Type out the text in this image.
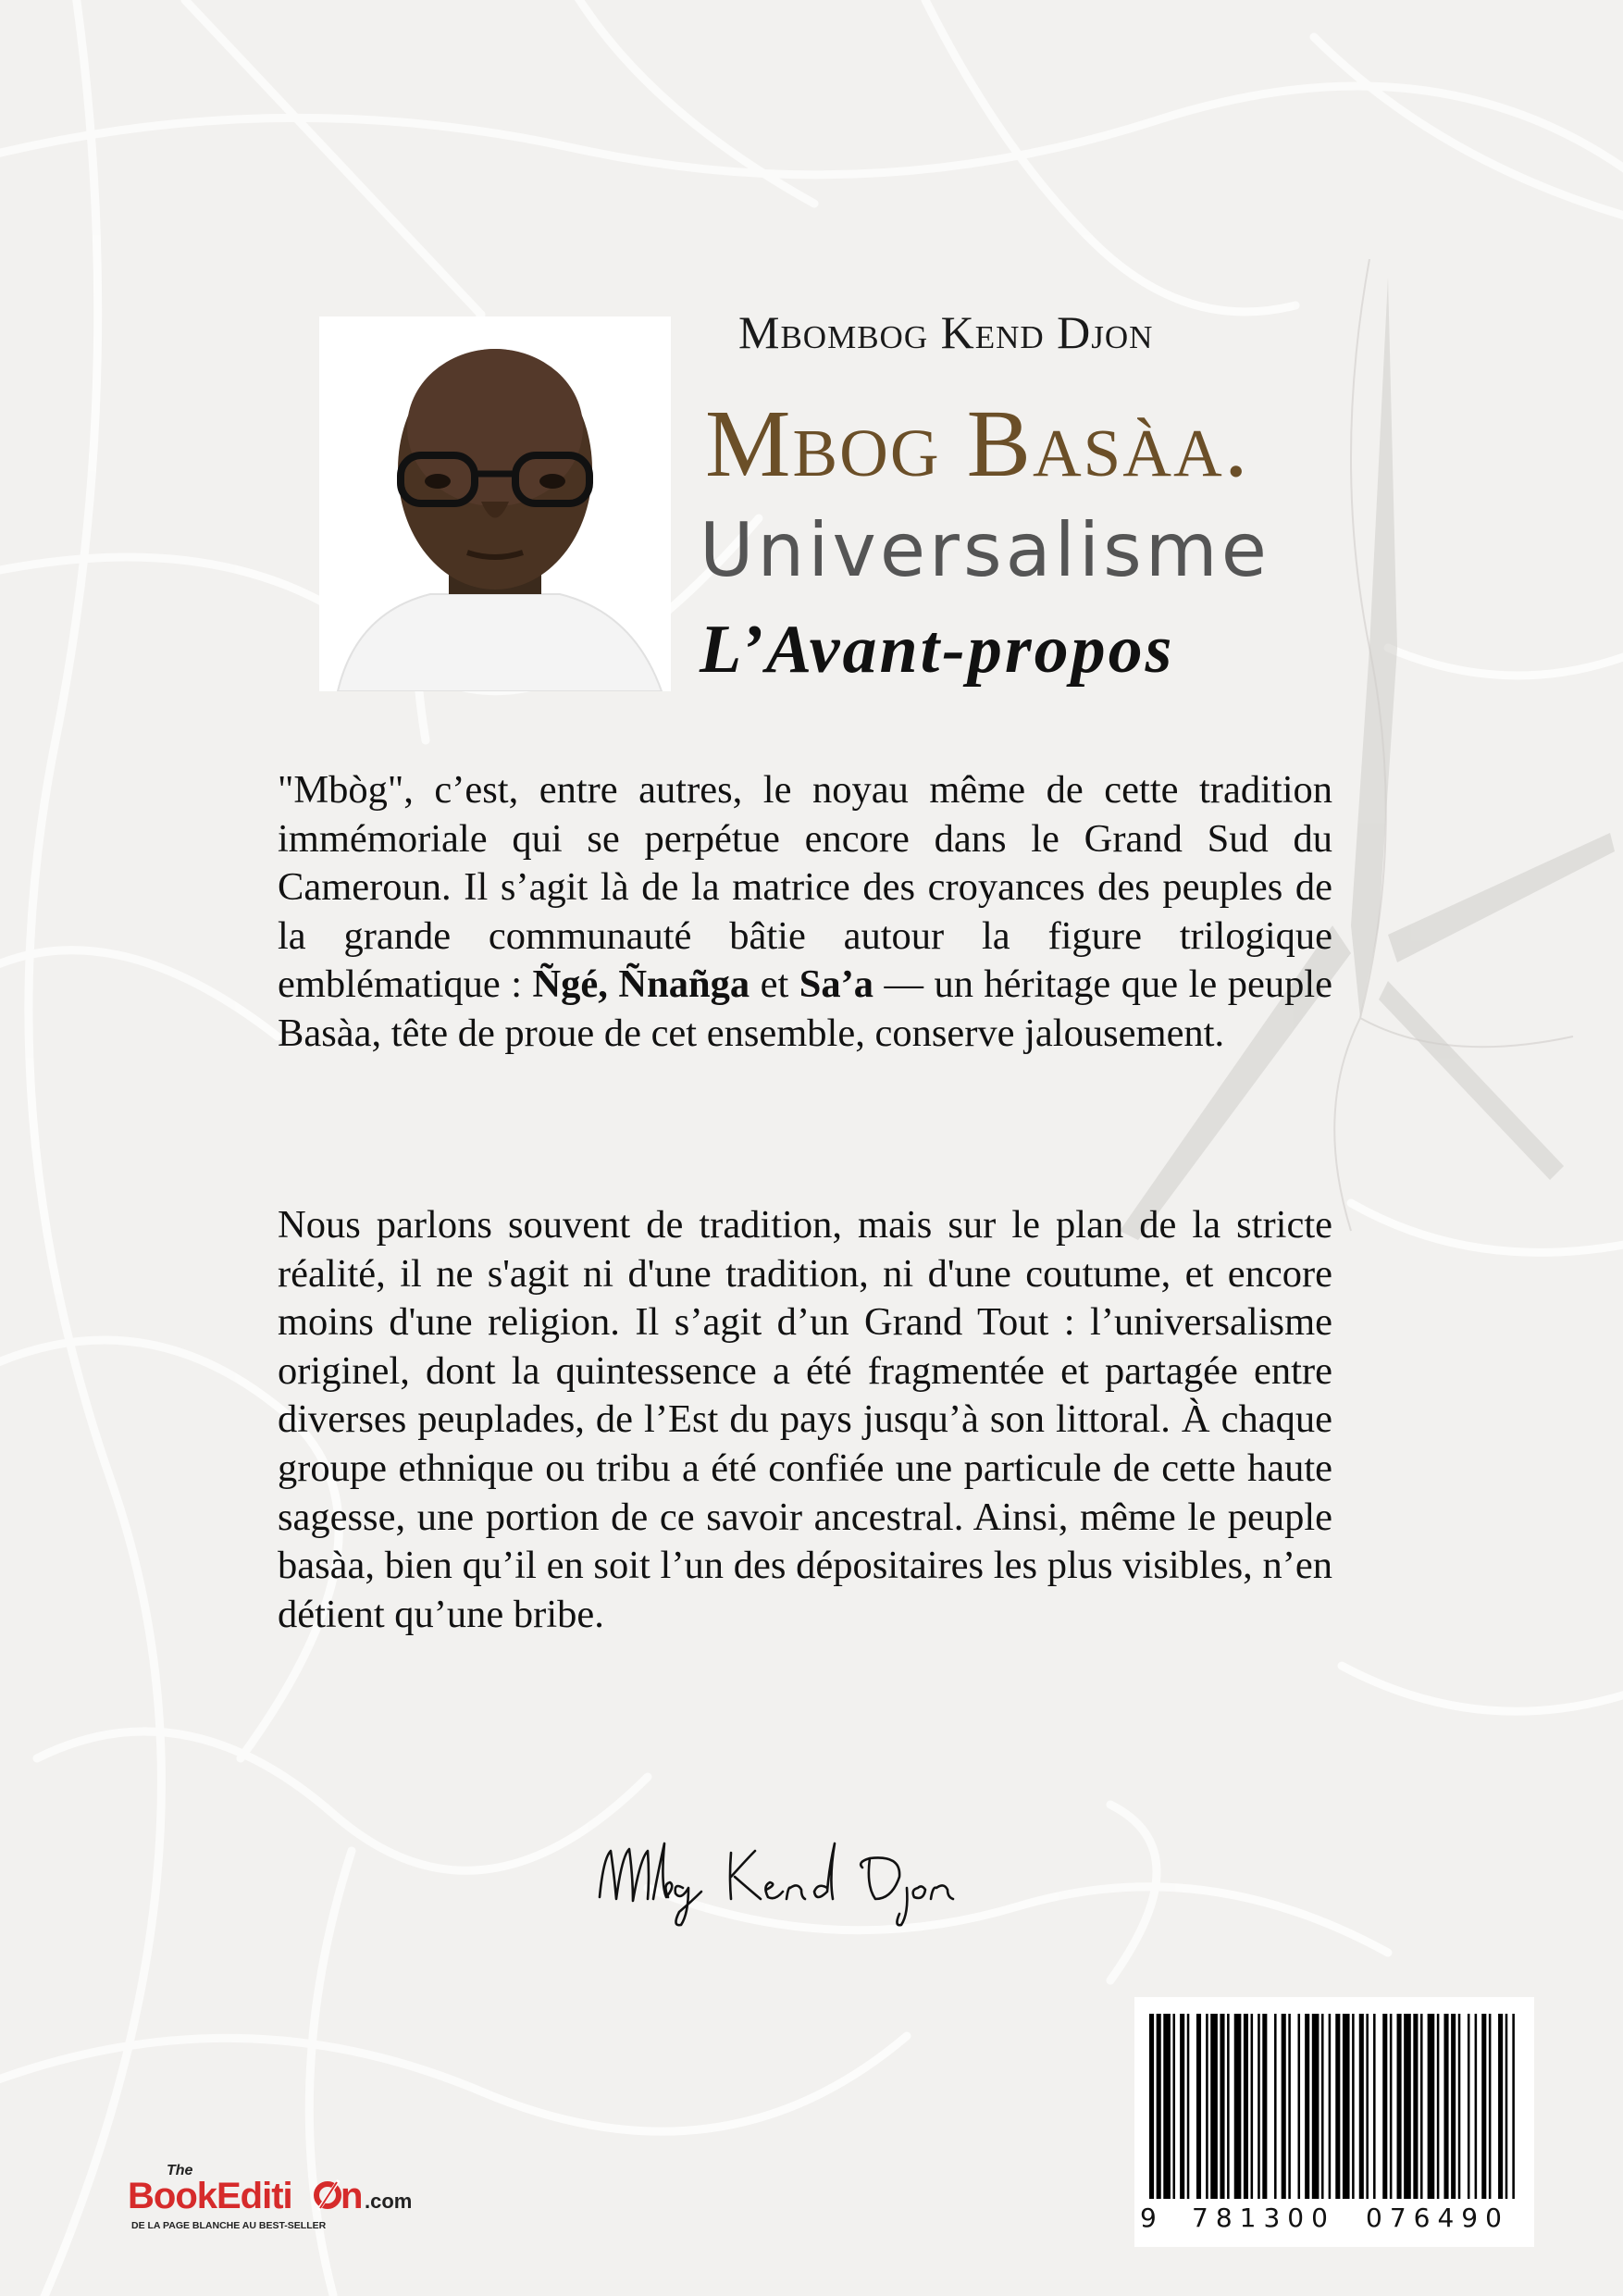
Mbombog Kend Djon
Mbog Basàa.
Universalisme
L’Avant-propos
"Mbòg", c’est, entre autres, le noyau même de cette tradition immémoriale qui se perpétue encore dans le Grand Sud du Cameroun. Il s’agit là de la matrice des croyances des peuples de la grande communauté bâtie autour la figure trilogique emblématique : Ñgé, Ñnañga et Sa’a — un héritage que le peuple Basàa, tête de proue de cet ensemble, conserve jalousement.
Nous parlons souvent de tradition, mais sur le plan de la stricte réalité, il ne s'agit ni d'une tradition, ni d'une coutume, et encore moins d'une religion. Il s’agit d’un Grand Tout : l’universalisme originel, dont la quintessence a été fragmentée et partagée entre diverses peuplades, de l’Est du pays jusqu’à son littoral. À chaque groupe ethnique ou tribu a été confiée une particule de cette haute sagesse, une portion de ce savoir ancestral. Ainsi, même le peuple basàa, bien qu’il en soit l’un des dépositaires les plus visibles, n’en détient qu’une bribe.
The
BookEditi n .com
DE LA PAGE BLANCHE AU BEST-SELLER	9 781300 076490
